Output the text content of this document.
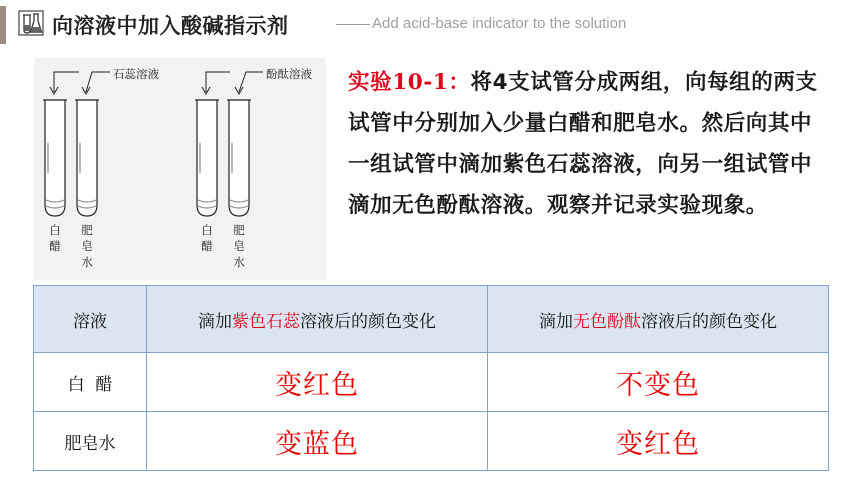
向溶液中加入酸碱指示剂	Add acid-base indicator to the solution
石蕊溶液	酚酞溶液
白醋
肥皂水
白醋
肥皂水
实验10-1：将4支试管分成两组，向每组的两支试管中分别加入少量白醋和肥皂水。然后向其中一组试管中滴加紫色石蕊溶液，向另一组试管中滴加无色酚酞溶液。观察并记录实验现象。
溶液	滴加紫色石蕊溶液后的颜色变化	滴加无色酚酞溶液后的颜色变化
白  醋	变红色	不变色
肥皂水	变蓝色	变红色
